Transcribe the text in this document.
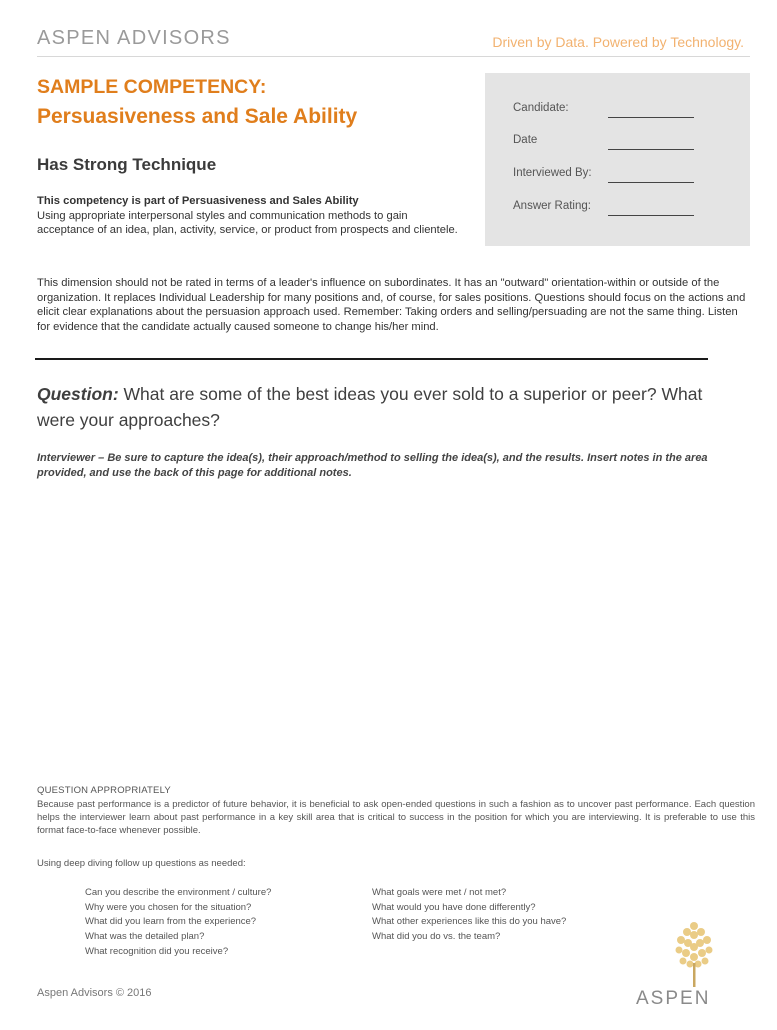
ASPEN ADVISORS	Driven by Data. Powered by Technology.
SAMPLE COMPETENCY:
Persuasiveness and Sale Ability
Has Strong Technique
This competency is part of Persuasiveness and Sales Ability
Using appropriate interpersonal styles and communication methods to gain acceptance of an idea, plan, activity, service, or product from prospects and clientele.
Candidate:
Date
Interviewed By:
Answer Rating:
This dimension should not be rated in terms of a leader's influence on subordinates. It has an "outward" orientation-within or outside of the organization. It replaces Individual Leadership for many positions and, of course, for sales positions. Questions should focus on the actions and elicit clear explanations about the persuasion approach used. Remember: Taking orders and selling/persuading are not the same thing. Listen for evidence that the candidate actually caused someone to change his/her mind.
Question: What are some of the best ideas you ever sold to a superior or peer? What were your approaches?
Interviewer – Be sure to capture the idea(s), their approach/method to selling the idea(s), and the results. Insert notes in the area provided, and use the back of this page for additional notes.
QUESTION APPROPRIATELY
Because past performance is a predictor of future behavior, it is beneficial to ask open-ended questions in such a fashion as to uncover past performance. Each question helps the interviewer learn about past performance in a key skill area that is critical to success in the position for which you are interviewing. It is preferable to use this format face-to-face whenever possible.
Using deep diving follow up questions as needed:
Can you describe the environment / culture?
Why were you chosen for the situation?
What did you learn from the experience?
What was the detailed plan?
What recognition did you receive?
What goals were met / not met?
What would you have done differently?
What other experiences like this do you have?
What did you do vs. the team?
Aspen Advisors © 2016	ASPEN
